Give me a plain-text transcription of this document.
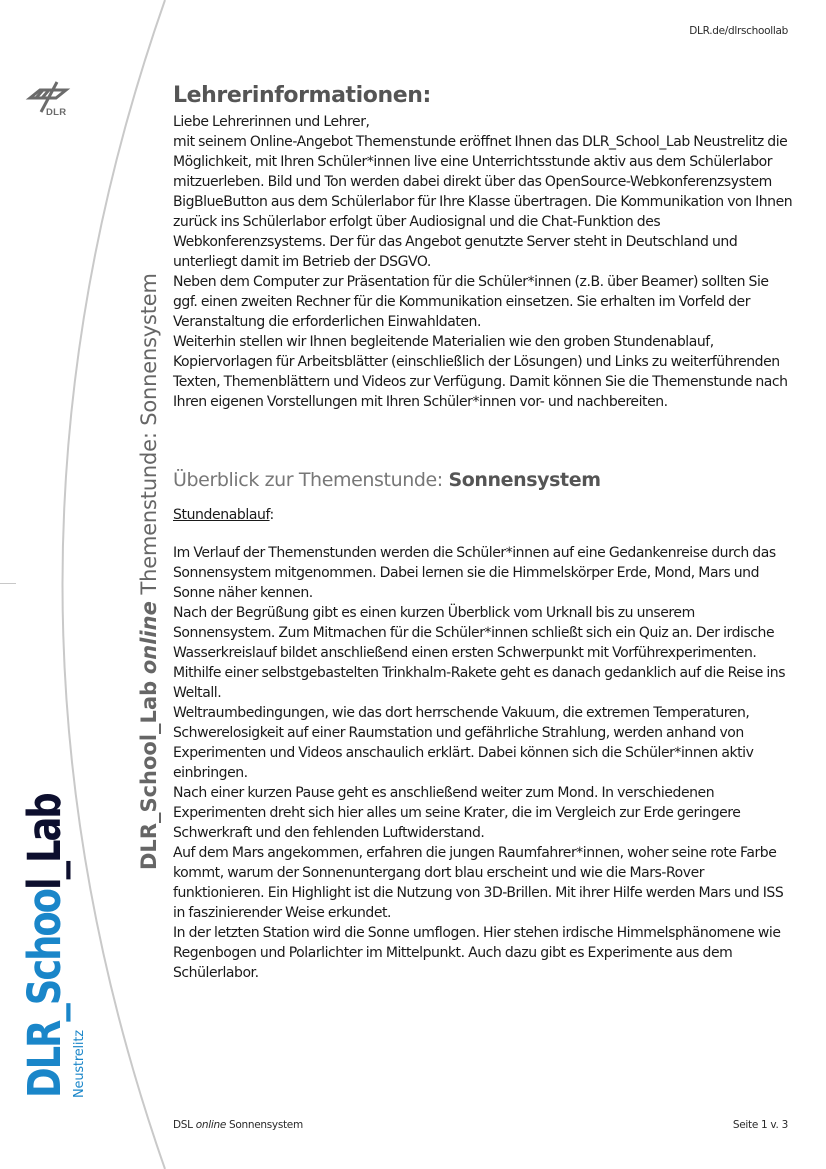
DLR
DLR.de/dlrschoollab
DLR_School_Lab online Themenstunde: Sonnensystem
DLR_School_Lab
Neustrelitz
Lehrerinformationen:

Liebe Lehrerinnen und Lehrer,

mit seinem Online-Angebot Themenstunde eröffnet Ihnen das DLR_School_Lab Neustrelitz die Möglichkeit, mit Ihren Schüler*innen live eine Unterrichtsstunde aktiv aus dem Schülerlabor mitzuerleben. Bild und Ton werden dabei direkt über das OpenSource-Webkonferenzsystem BigBlueButton aus dem Schülerlabor für Ihre Klasse übertragen. Die Kommunikation von Ihnen zurück ins Schülerlabor erfolgt über Audiosignal und die Chat-Funktion des Webkonferenzsystems. Der für das Angebot genutzte Server steht in Deutschland und unterliegt damit im Betrieb der DSGVO.

Neben dem Computer zur Präsentation für die Schüler*innen (z.B. über Beamer) sollten Sie ggf. einen zweiten Rechner für die Kommunikation einsetzen. Sie erhalten im Vorfeld der Veranstaltung die erforderlichen Einwahldaten.

Weiterhin stellen wir Ihnen begleitende Materialien wie den groben Stundenablauf, Kopiervorlagen für Arbeitsblätter (einschließlich der Lösungen) und Links zu weiterführenden Texten, Themenblättern und Videos zur Verfügung. Damit können Sie die Themenstunde nach Ihren eigenen Vorstellungen mit Ihren Schüler*innen vor- und nachbereiten.

Überblick zur Themenstunde: Sonnensystem
Stundenablauf:

Im Verlauf der Themenstunden werden die Schüler*innen auf eine Gedankenreise durch das Sonnensystem mitgenommen. Dabei lernen sie die Himmelskörper Erde, Mond, Mars und Sonne näher kennen.

Nach der Begrüßung gibt es einen kurzen Überblick vom Urknall bis zu unserem Sonnensystem. Zum Mitmachen für die Schüler*innen schließt sich ein Quiz an. Der irdische Wasserkreislauf bildet anschließend einen ersten Schwerpunkt mit Vorführexperimenten. Mithilfe einer selbstgebastelten Trinkhalm-Rakete geht es danach gedanklich auf die Reise ins Weltall.

Weltraumbedingungen, wie das dort herrschende Vakuum, die extremen Temperaturen, Schwerelosigkeit auf einer Raumstation und gefährliche Strahlung, werden anhand von Experimenten und Videos anschaulich erklärt. Dabei können sich die Schüler*innen aktiv einbringen.

Nach einer kurzen Pause geht es anschließend weiter zum Mond. In verschiedenen Experimenten dreht sich hier alles um seine Krater, die im Vergleich zur Erde geringere Schwerkraft und den fehlenden Luftwiderstand.

Auf dem Mars angekommen, erfahren die jungen Raumfahrer*innen, woher seine rote Farbe kommt, warum der Sonnenuntergang dort blau erscheint und wie die Mars-Rover funktionieren. Ein Highlight ist die Nutzung von 3D-Brillen. Mit ihrer Hilfe werden Mars und ISS in faszinierender Weise erkundet.

In der letzten Station wird die Sonne umflogen. Hier stehen irdische Himmelsphänomene wie Regenbogen und Polarlichter im Mittelpunkt. Auch dazu gibt es Experimente aus dem Schülerlabor.

DSL online Sonnensystem	Seite 1 v. 3
